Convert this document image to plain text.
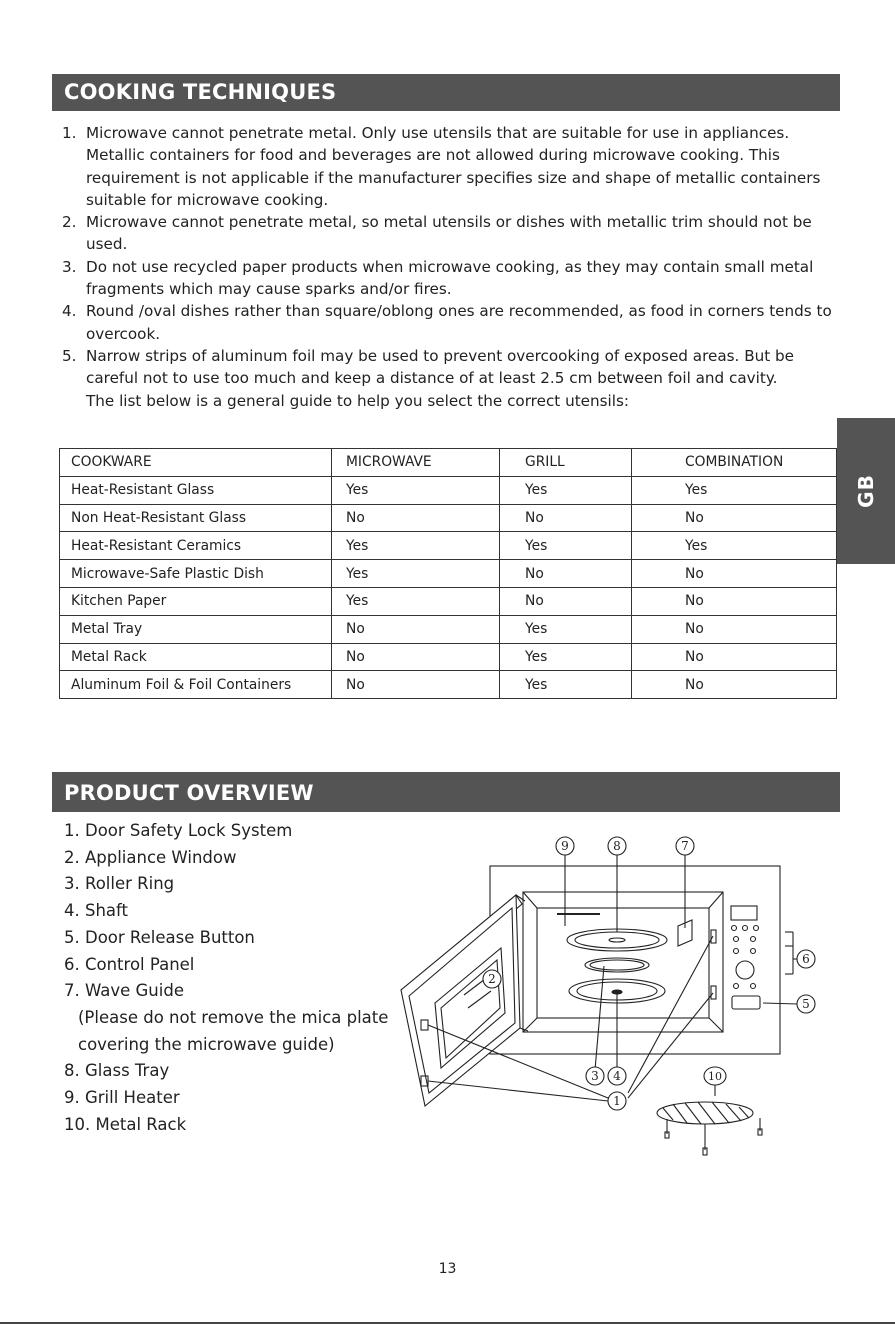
COOKING TECHNIQUES
1. Microwave cannot penetrate metal. Only use utensils that are suitable for use in appliances. Metallic containers for food and beverages are not allowed during microwave cooking. This requirement is not applicable if the manufacturer specifies size and shape of metallic containers suitable for microwave cooking.
2. Microwave cannot penetrate metal, so metal utensils or dishes with metallic trim should not be used.
3. Do not use recycled paper products when microwave cooking, as they may contain small metal fragments which may cause sparks and/or fires.
4. Round /oval dishes rather than square/oblong ones are recommended, as food in corners tends to overcook.
5. Narrow strips of aluminum foil may be used to prevent overcooking of exposed areas. But be careful not to use too much and keep a distance of at least 2.5 cm between foil and cavity.
The list below is a general guide to help you select the correct utensils:
COOKWARE	MICROWAVE	GRILL	COMBINATION
Heat-Resistant Glass	Yes	Yes	Yes
Non Heat-Resistant Glass	No	No	No
Heat-Resistant Ceramics	Yes	Yes	Yes
Microwave-Safe Plastic Dish	Yes	No	No
Kitchen Paper	Yes	No	No
Metal Tray	No	Yes	No
Metal Rack	No	Yes	No
Aluminum Foil & Foil Containers	No	Yes	No
GB
PRODUCT OVERVIEW
1. Door Safety Lock System
2. Appliance Window
3. Roller Ring
4. Shaft
5. Door Release Button
6. Control Panel
7. Wave Guide
(Please do not remove the mica plate
covering the microwave guide)
8. Glass Tray
9. Grill Heater
10. Metal Rack
9	8	7
6
5
2
3 4
1
10
13
